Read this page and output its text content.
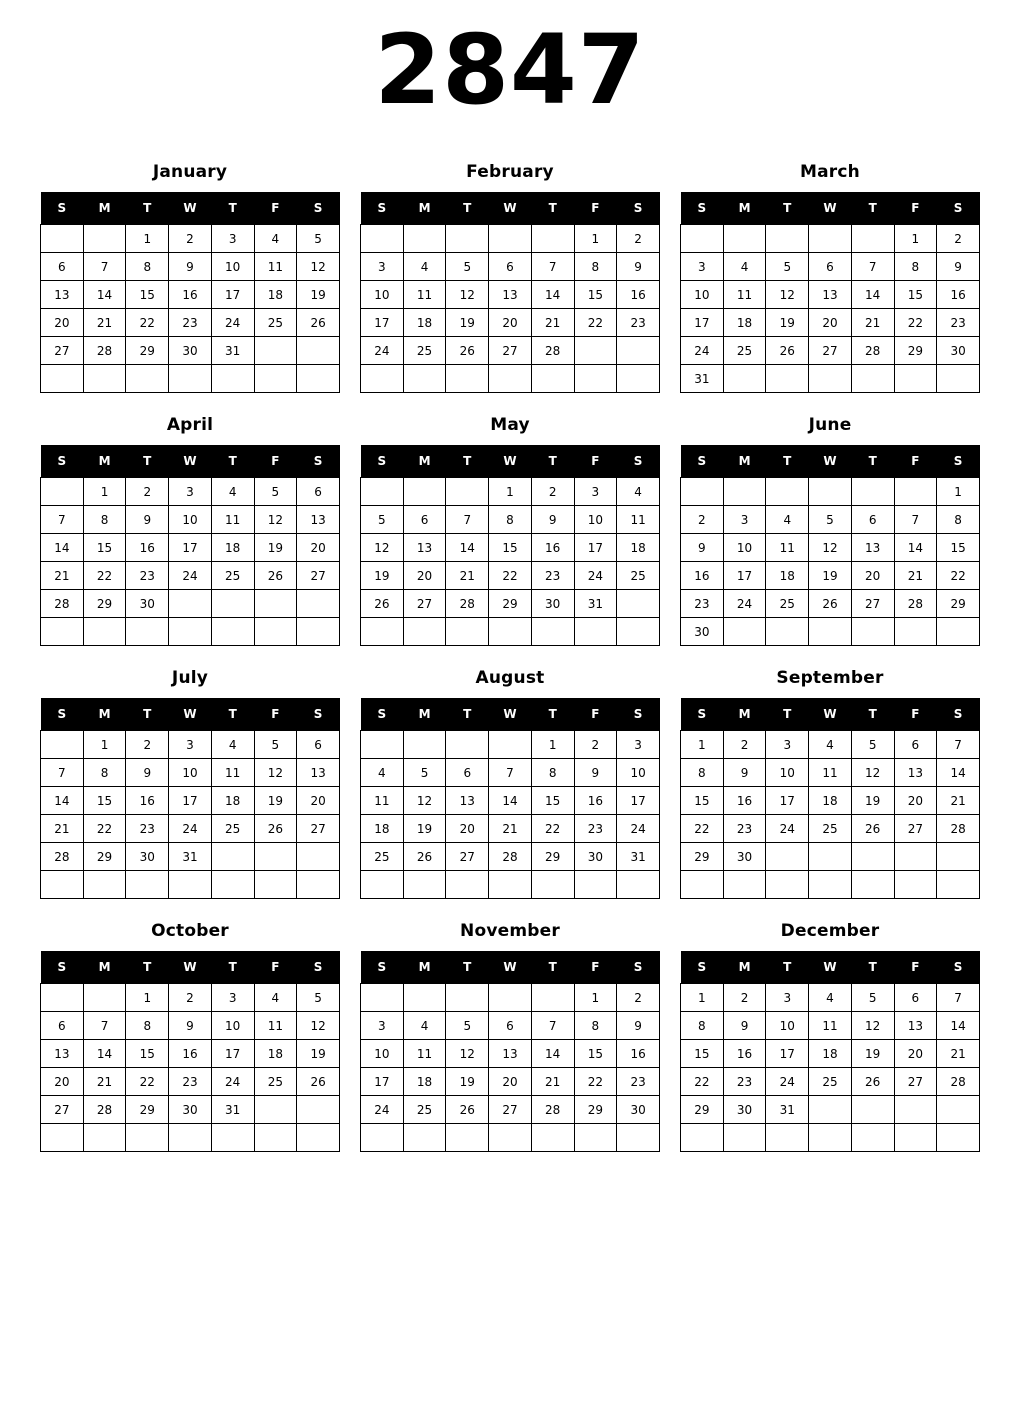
2847
January
S	M	T	W	T	F	S
		1	2	3	4	5
6	7	8	9	10	11	12
13	14	15	16	17	18	19
20	21	22	23	24	25	26
27	28	29	30	31		

February
S	M	T	W	T	F	S
					1	2
3	4	5	6	7	8	9
10	11	12	13	14	15	16
17	18	19	20	21	22	23
24	25	26	27	28		

March
S	M	T	W	T	F	S
					1	2
3	4	5	6	7	8	9
10	11	12	13	14	15	16
17	18	19	20	21	22	23
24	25	26	27	28	29	30
31						
April
S	M	T	W	T	F	S
	1	2	3	4	5	6
7	8	9	10	11	12	13
14	15	16	17	18	19	20
21	22	23	24	25	26	27
28	29	30				

May
S	M	T	W	T	F	S
			1	2	3	4
5	6	7	8	9	10	11
12	13	14	15	16	17	18
19	20	21	22	23	24	25
26	27	28	29	30	31	

June
S	M	T	W	T	F	S
						1
2	3	4	5	6	7	8
9	10	11	12	13	14	15
16	17	18	19	20	21	22
23	24	25	26	27	28	29
30						
July
S	M	T	W	T	F	S
	1	2	3	4	5	6
7	8	9	10	11	12	13
14	15	16	17	18	19	20
21	22	23	24	25	26	27
28	29	30	31			

August
S	M	T	W	T	F	S
				1	2	3
4	5	6	7	8	9	10
11	12	13	14	15	16	17
18	19	20	21	22	23	24
25	26	27	28	29	30	31

September
S	M	T	W	T	F	S
1	2	3	4	5	6	7
8	9	10	11	12	13	14
15	16	17	18	19	20	21
22	23	24	25	26	27	28
29	30					

October
S	M	T	W	T	F	S
		1	2	3	4	5
6	7	8	9	10	11	12
13	14	15	16	17	18	19
20	21	22	23	24	25	26
27	28	29	30	31		

November
S	M	T	W	T	F	S
					1	2
3	4	5	6	7	8	9
10	11	12	13	14	15	16
17	18	19	20	21	22	23
24	25	26	27	28	29	30

December
S	M	T	W	T	F	S
1	2	3	4	5	6	7
8	9	10	11	12	13	14
15	16	17	18	19	20	21
22	23	24	25	26	27	28
29	30	31				
